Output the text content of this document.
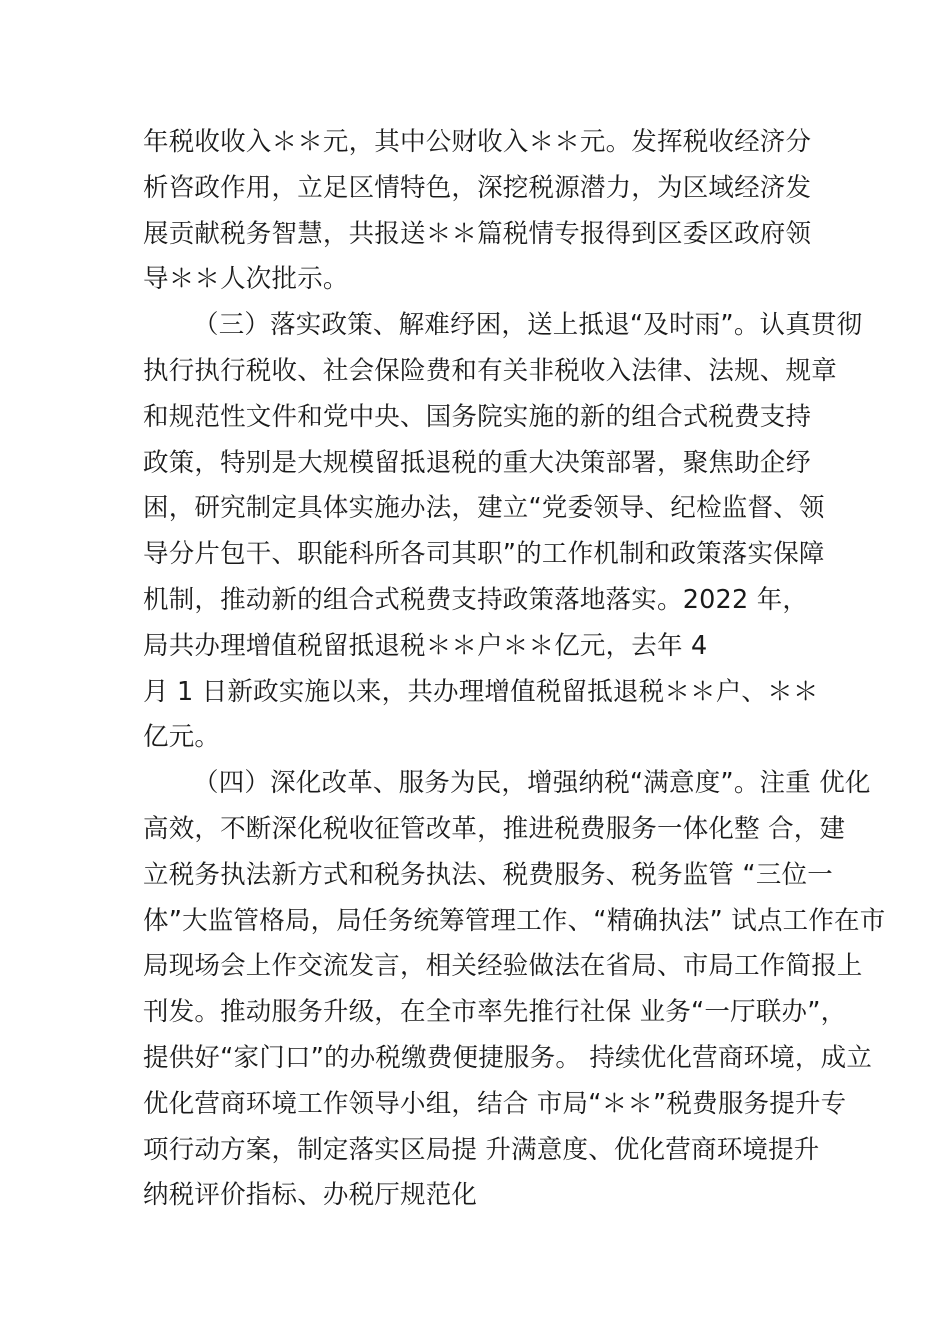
年税收收入＊＊元，其中公财收入＊＊元。发挥税收经济分
析咨政作用，立足区情特色，深挖税源潜力，为区域经济发
展贡献税务智慧，共报送＊＊篇税情专报得到区委区政府领
导＊＊人次批示。
（三）落实政策、解难纾困，送上抵退“及时雨”。认真贯彻
执行执行税收、社会保险费和有关非税收入法律、法规、规章
和规范性文件和党中央、国务院实施的新的组合式税费支持
政策，特别是大规模留抵退税的重大决策部署，聚焦助企纾
困，研究制定具体实施办法，建立“党委领导、纪检监督、领
导分片包干、职能科所各司其职”的工作机制和政策落实保障
机制，推动新的组合式税费支持政策落地落实。2022 年，
局共办理增值税留抵退税＊＊户＊＊亿元，去年 4
月 1 日新政实施以来，共办理增值税留抵退税＊＊户、＊＊
亿元。
（四）深化改革、服务为民，增强纳税“满意度”。注重 优化
高效，不断深化税收征管改革，推进税费服务一体化整 合，建
立税务执法新方式和税务执法、税费服务、税务监管 “三位一
体”大监管格局，局任务统筹管理工作、“精确执法” 试点工作在市
局现场会上作交流发言，相关经验做法在省局、市局工作简报上
刊发。推动服务升级，在全市率先推行社保 业务“一厅联办”，
提供好“家门口”的办税缴费便捷服务。 持续优化营商环境，成立
优化营商环境工作领导小组，结合 市局“＊＊”税费服务提升专
项行动方案，制定落实区局提 升满意度、优化营商环境提升
纳税评价指标、办税厅规范化
